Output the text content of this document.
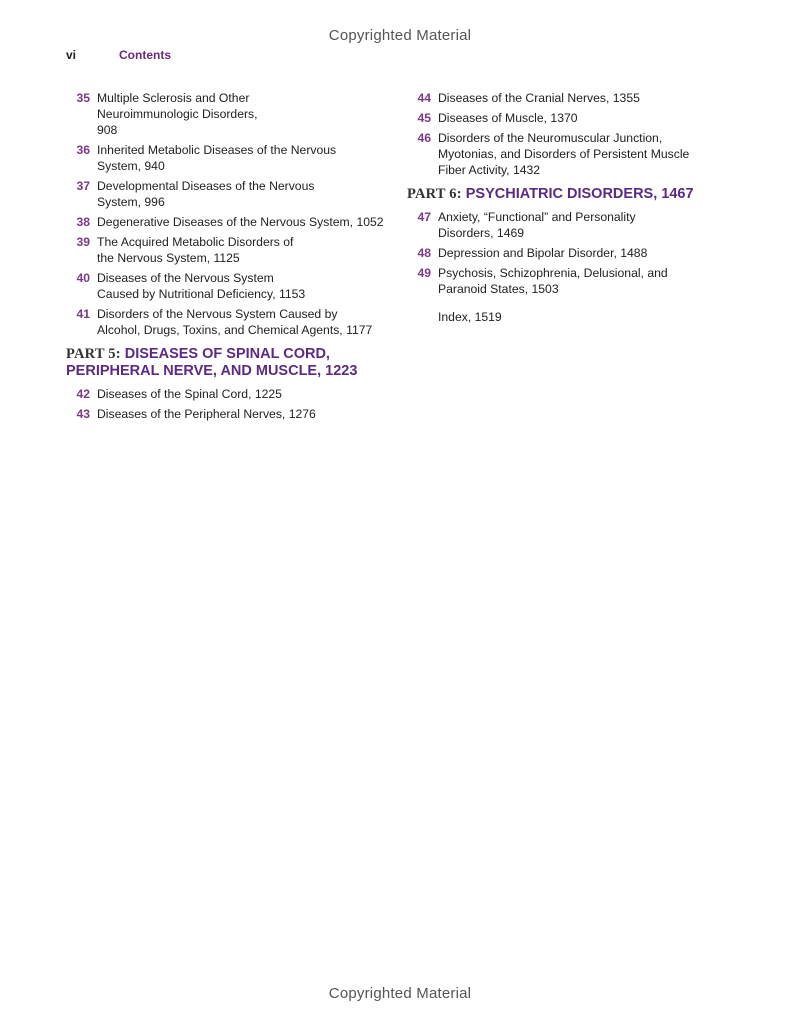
Copyrighted Material
vi	Contents
35 Multiple Sclerosis and Other Neuroimmunologic Disorders, 908
36 Inherited Metabolic Diseases of the Nervous System, 940
37 Developmental Diseases of the Nervous System, 996
38 Degenerative Diseases of the Nervous System, 1052
39 The Acquired Metabolic Disorders of the Nervous System, 1125
40 Diseases of the Nervous System Caused by Nutritional Deficiency, 1153
41 Disorders of the Nervous System Caused by Alcohol, Drugs, Toxins, and Chemical Agents, 1177
PART 5: DISEASES OF SPINAL CORD, PERIPHERAL NERVE, AND MUSCLE, 1223
42 Diseases of the Spinal Cord, 1225
43 Diseases of the Peripheral Nerves, 1276
44 Diseases of the Cranial Nerves, 1355
45 Diseases of Muscle, 1370
46 Disorders of the Neuromuscular Junction, Myotonias, and Disorders of Persistent Muscle Fiber Activity, 1432
PART 6: PSYCHIATRIC DISORDERS, 1467
47 Anxiety, “Functional” and Personality Disorders, 1469
48 Depression and Bipolar Disorder, 1488
49 Psychosis, Schizophrenia, Delusional, and Paranoid States, 1503
Index, 1519
Copyrighted Material
